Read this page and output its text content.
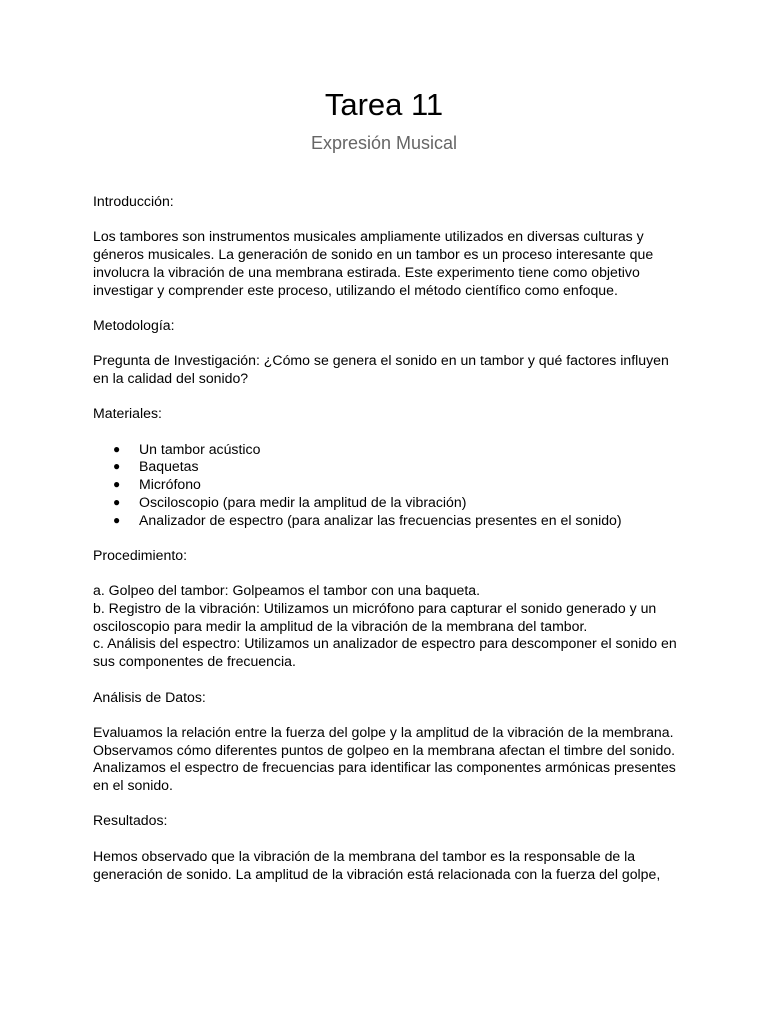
Tarea 11
Expresión Musical

Introducción:

Los tambores son instrumentos musicales ampliamente utilizados en diversas culturas y géneros musicales. La generación de sonido en un tambor es un proceso interesante que involucra la vibración de una membrana estirada. Este experimento tiene como objetivo investigar y comprender este proceso, utilizando el método científico como enfoque.

Metodología:

Pregunta de Investigación: ¿Cómo se genera el sonido en un tambor y qué factores influyen en la calidad del sonido?

Materiales:

● Un tambor acústico
● Baquetas
● Micrófono
● Osciloscopio (para medir la amplitud de la vibración)
● Analizador de espectro (para analizar las frecuencias presentes en el sonido)

Procedimiento:

a. Golpeo del tambor: Golpeamos el tambor con una baqueta.

b. Registro de la vibración: Utilizamos un micrófono para capturar el sonido generado y un osciloscopio para medir la amplitud de la vibración de la membrana del tambor.

c. Análisis del espectro: Utilizamos un analizador de espectro para descomponer el sonido en sus componentes de frecuencia.

Análisis de Datos:

Evaluamos la relación entre la fuerza del golpe y la amplitud de la vibración de la membrana.

Observamos cómo diferentes puntos de golpeo en la membrana afectan el timbre del sonido.

Analizamos el espectro de frecuencias para identificar las componentes armónicas presentes en el sonido.

Resultados:

Hemos observado que la vibración de la membrana del tambor es la responsable de la generación de sonido. La amplitud de la vibración está relacionada con la fuerza del golpe,
